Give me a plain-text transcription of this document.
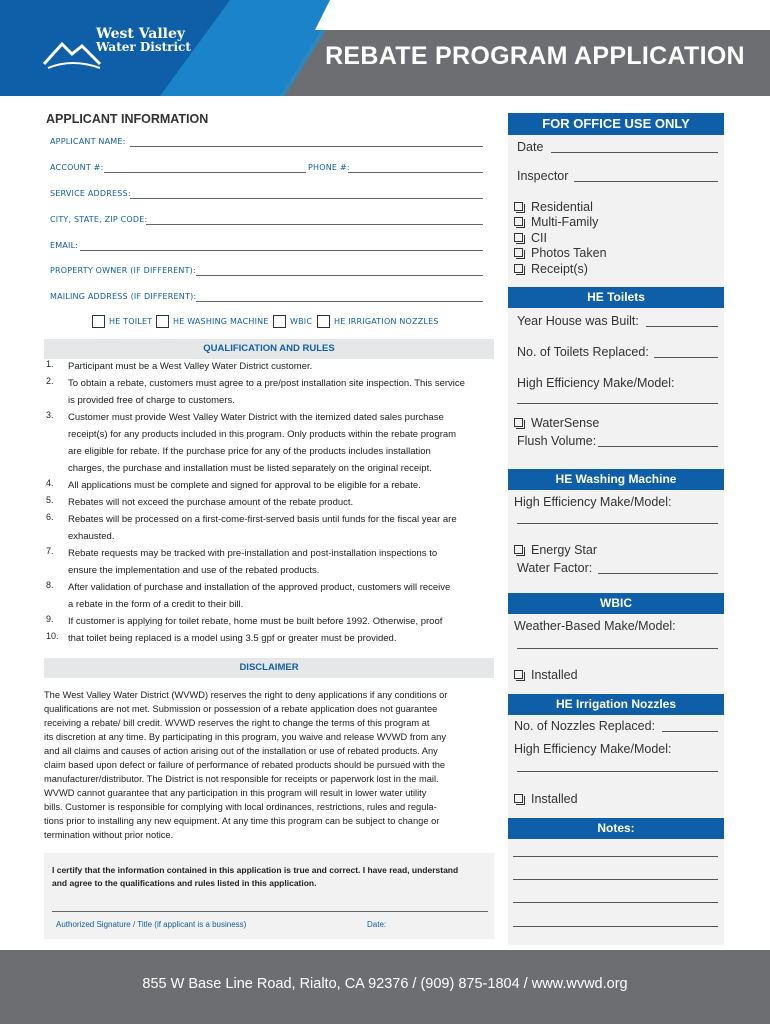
West Valley
Water District	REBATE PROGRAM APPLICATION
APPLICANT INFORMATION
APPLICANT NAME:
ACCOUNT #:	PHONE #:
SERVICE ADDRESS:
CITY, STATE, ZIP CODE:
EMAIL:
PROPERTY OWNER (IF DIFFERENT):
MAILING ADDRESS (IF DIFFERENT):
HE TOILET	HE WASHING MACHINE	WBIC	HE IRRIGATION NOZZLES
QUALIFICATION AND RULES
1. Participant must be a West Valley Water District customer.
2. To obtain a rebate, customers must agree to a pre/post installation site inspection. This service
is provided free of charge to customers.
3. Customer must provide West Valley Water District with the itemized dated sales purchase
receipt(s) for any products included in this program. Only products within the rebate program
are eligible for rebate. If the purchase price for any of the products includes installation
charges, the purchase and installation must be listed separately on the original receipt.
4. All applications must be complete and signed for approval to be eligible for a rebate.
5. Rebates will not exceed the purchase amount of the rebate product.
6. Rebates will be processed on a first-come-first-served basis until funds for the fiscal year are
exhausted.
7. Rebate requests may be tracked with pre-installation and post-installation inspections to
ensure the implementation and use of the rebated products.
8. After validation of purchase and installation of the approved product, customers will receive
a rebate in the form of a credit to their bill.
9. If customer is applying for toilet rebate, home must be built before 1992. Otherwise, proof
10. that toilet being replaced is a model using 3.5 gpf or greater must be provided.
DISCLAIMER
The West Valley Water District (WVWD) reserves the right to deny applications if any conditions or
qualifications are not met. Submission or possession of a rebate application does not guarantee
receiving a rebate/ bill credit. WVWD reserves the right to change the terms of this program at
its discretion at any time. By participating in this program, you waive and release WVWD from any
and all claims and causes of action arising out of the installation or use of rebated products. Any
claim based upon defect or failure of performance of rebated products should be pursued with the
manufacturer/distributor. The District is not responsible for receipts or paperwork lost in the mail.
WVWD cannot guarantee that any participation in this program will result in lower water utility
bills. Customer is responsible for complying with local ordinances, restrictions, rules and regula-
tions prior to installing any new equipment. At any time this program can be subject to change or
termination without prior notice.
I certify that the information contained in this application is true and correct. I have read, understand
and agree to the qualifications and rules listed in this application.
Authorized Signature / Title (if applicant is a business)	Date:
FOR OFFICE USE ONLY
Date
Inspector
Residential
Multi-Family
CII
Photos Taken
Receipt(s)
HE Toilets
Year House was Built:
No. of Toilets Replaced:
High Efficiency Make/Model:
WaterSense
Flush Volume:
HE Washing Machine
High Efficiency Make/Model:
Energy Star
Water Factor:
WBIC
Weather-Based Make/Model:
Installed
HE Irrigation Nozzles
No. of Nozzles Replaced:
High Efficiency Make/Model:
Installed
Notes:
855 W Base Line Road, Rialto, CA 92376 / (909) 875-1804 / www.wvwd.org
